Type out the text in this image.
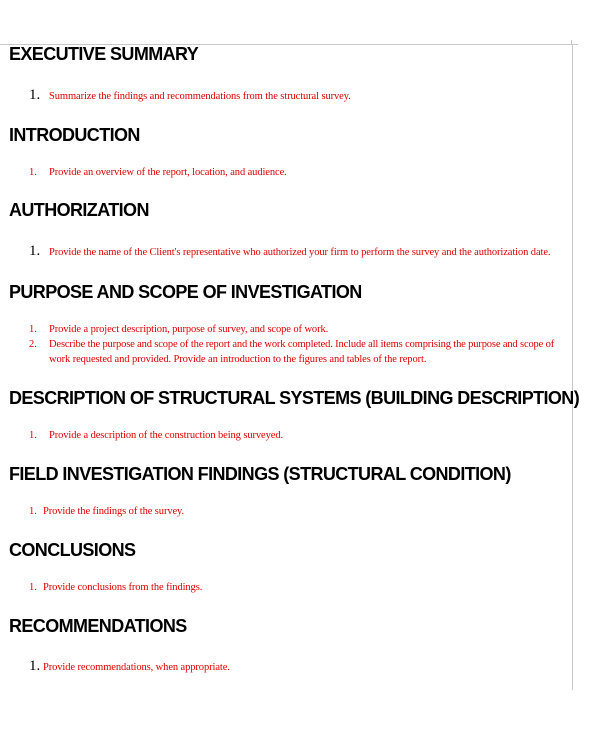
EXECUTIVE SUMMARY
1. Summarize the findings and recommendations from the structural survey.
INTRODUCTION
1. Provide an overview of the report, location, and audience.
AUTHORIZATION
1. Provide the name of the Client's representative who authorized your firm to perform the survey and the authorization date.
PURPOSE AND SCOPE OF INVESTIGATION
1. Provide a project description, purpose of survey, and scope of work.
2. Describe the purpose and scope of the report and the work completed. Include all items comprising the purpose and scope of
work requested and provided. Provide an introduction to the figures and tables of the report.
DESCRIPTION OF STRUCTURAL SYSTEMS (BUILDING DESCRIPTION)
1. Provide a description of the construction being surveyed.
FIELD INVESTIGATION FINDINGS (STRUCTURAL CONDITION)
1. Provide the findings of the survey.
CONCLUSIONS
1. Provide conclusions from the findings.
RECOMMENDATIONS
1. Provide recommendations, when appropriate.
